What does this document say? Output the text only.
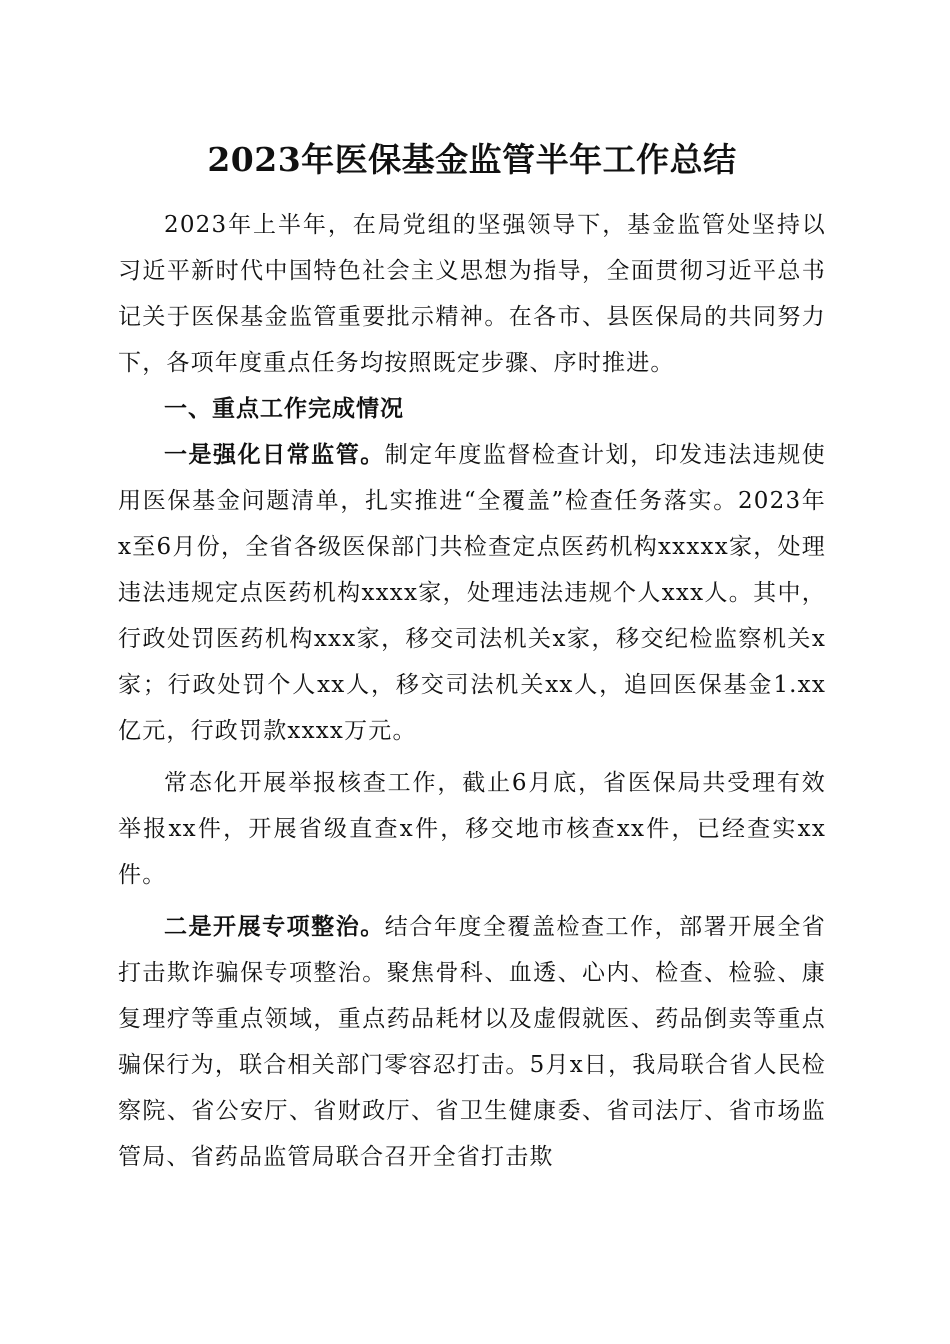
2023年医保基金监管半年工作总结

2023年上半年，在局党组的坚强领导下，基金监管处坚持以习近平新时代中国特色社会主义思想为指导，全面贯彻习近平总书记关于医保基金监管重要批示精神。在各市、县医保局的共同努力下，各项年度重点任务均按照既定步骤、序时推进。

一、重点工作完成情况

一是强化日常监管。制定年度监督检查计划，印发违法违规使用医保基金问题清单，扎实推进“全覆盖”检查任务落实。2023年x至6月份，全省各级医保部门共检查定点医药机构xxxxx家，处理违法违规定点医药机构xxxx家，处理违法违规个人xxx人。其中，行政处罚医药机构xxx家，移交司法机关x家，移交纪检监察机关x家；行政处罚个人xx人，移交司法机关xx人，追回医保基金1.xx亿元，行政罚款xxxx万元。

常态化开展举报核查工作，截止6月底，省医保局共受理有效举报xx件，开展省级直查x件，移交地市核查xx件，已经查实xx件。

二是开展专项整治。结合年度全覆盖检查工作，部署开展全省打击欺诈骗保专项整治。聚焦骨科、血透、心内、检查、检验、康复理疗等重点领域，重点药品耗材以及虚假就医、药品倒卖等重点骗保行为，联合相关部门零容忍打击。5月x日，我局联合省人民检察院、省公安厅、省财政厅、省卫生健康委、省司法厅、省市场监管局、省药品监管局联合召开全省打击欺
